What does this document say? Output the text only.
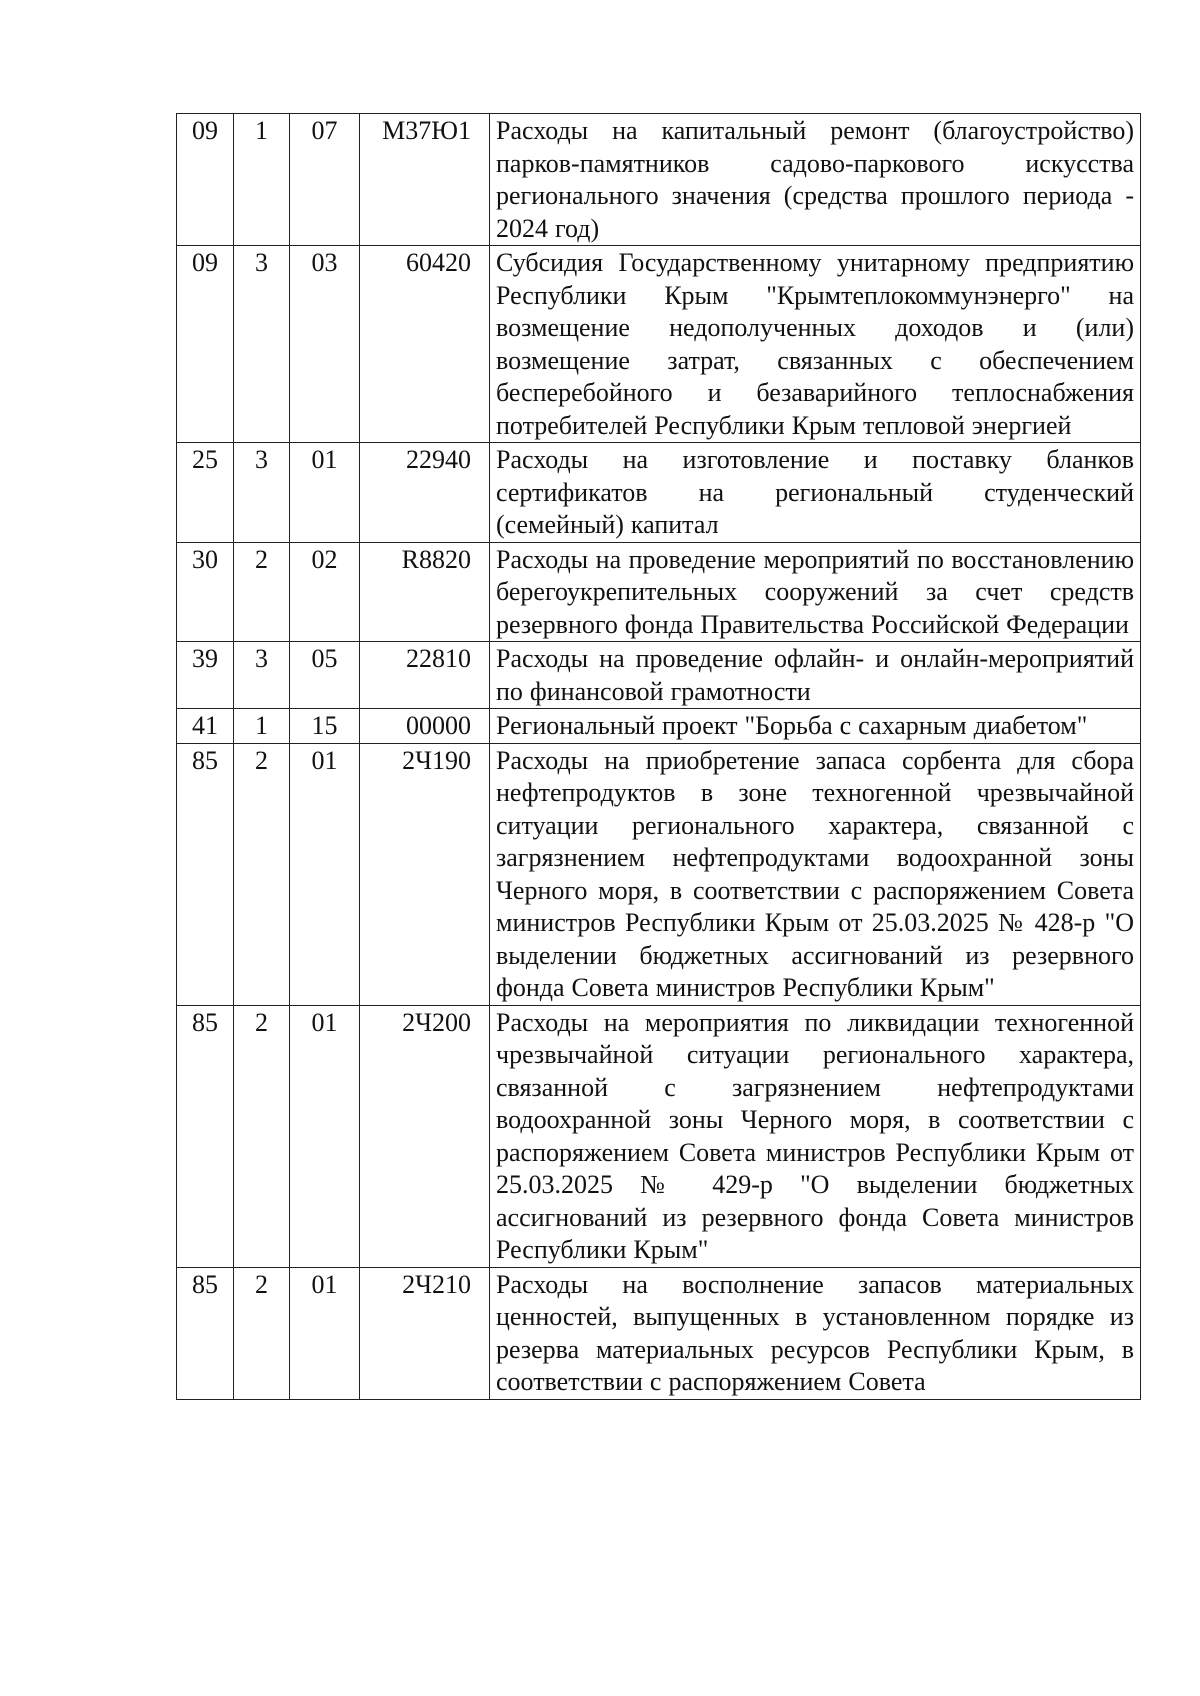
09	1	07	М37Ю1	Расходы на капитальный ремонт (благоустройство) парков-памятников садово-паркового искусства регионального значения (средства прошлого периода - 2024 год)
09	3	03	60420	Субсидия Государственному унитарному предприятию Республики Крым "Крымтеплокоммунэнерго" на возмещение недополученных доходов и (или) возмещение затрат, связанных с обеспечением бесперебойного и безаварийного теплоснабжения потребителей Республики Крым тепловой энергией
25	3	01	22940	Расходы на изготовление и поставку бланков сертификатов на региональный студенческий (семейный) капитал
30	2	02	R8820	Расходы на проведение мероприятий по восстановлению берегоукрепительных сооружений за счет средств резервного фонда Правительства Российской Федерации
39	3	05	22810	Расходы на проведение офлайн- и онлайн-мероприятий по финансовой грамотности
41	1	15	00000	Региональный проект "Борьба с сахарным диабетом"
85	2	01	2Ч190	Расходы на приобретение запаса сорбента для сбора нефтепродуктов в зоне техногенной чрезвычайной ситуации регионального характера, связанной с загрязнением нефтепродуктами водоохранной зоны Черного моря, в соответствии с распоряжением Совета министров Республики Крым от 25.03.2025 № 428-р "О выделении бюджетных ассигнований из резервного фонда Совета министров Республики Крым"
85	2	01	2Ч200	Расходы на мероприятия по ликвидации техногенной чрезвычайной ситуации регионального характера, связанной с загрязнением нефтепродуктами водоохранной зоны Черного моря, в соответствии с распоряжением Совета министров Республики Крым от 25.03.2025 № 429-р "О выделении бюджетных ассигнований из резервного фонда Совета министров Республики Крым"
85	2	01	2Ч210	Расходы на восполнение запасов материальных ценностей, выпущенных в установленном порядке из резерва материальных ресурсов Республики Крым, в соответствии с распоряжением Совета
